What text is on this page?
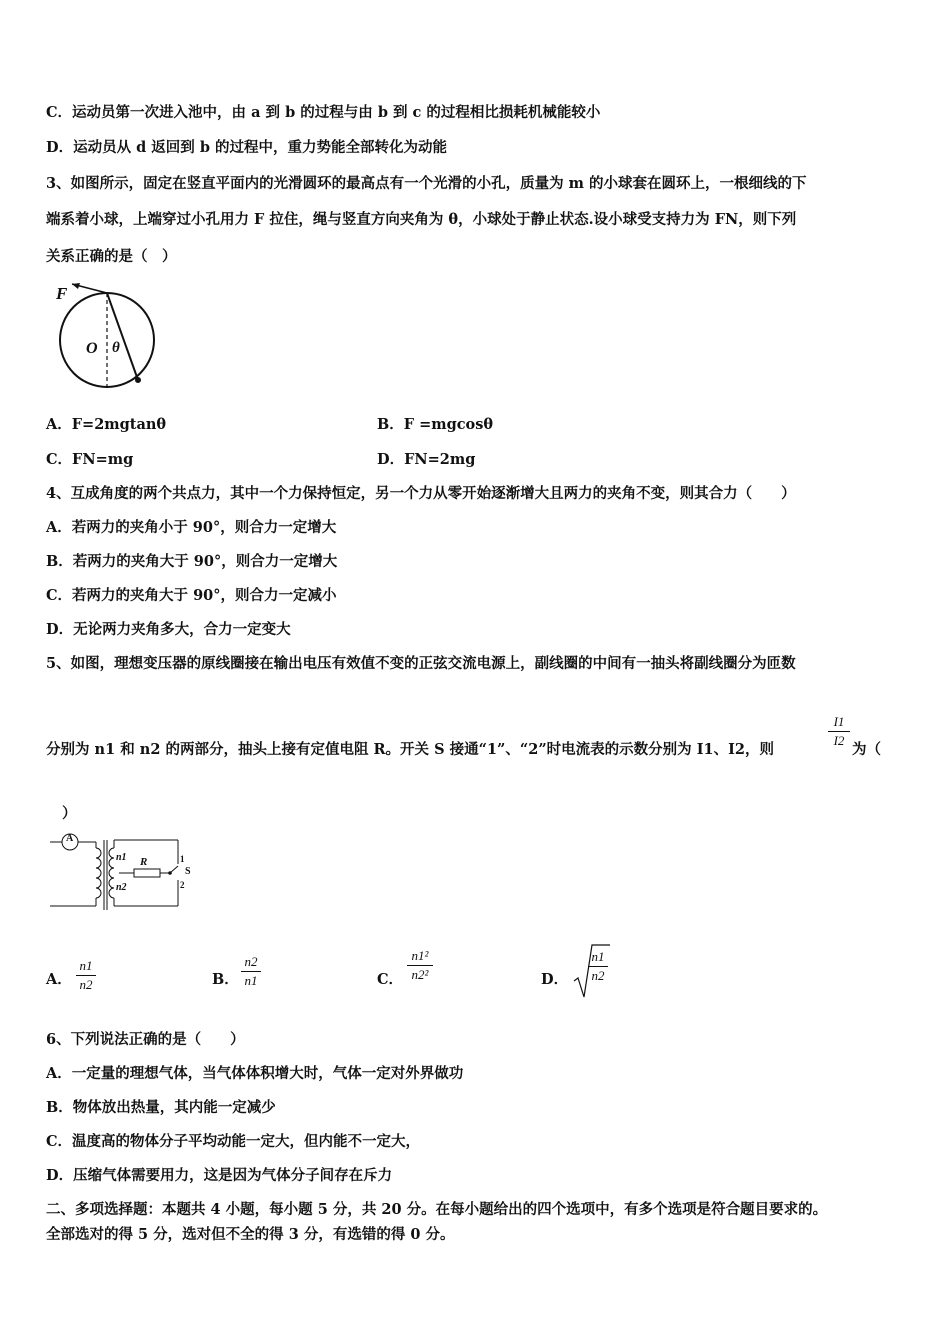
C．运动员第一次进入池中，由 a 到 b 的过程与由 b 到 c 的过程相比损耗机械能较小
D．运动员从 d 返回到 b 的过程中，重力势能全部转化为动能
3、如图所示，固定在竖直平面内的光滑圆环的最高点有一个光滑的小孔，质量为 m 的小球套在圆环上，一根细线的下
端系着小球，上端穿过小孔用力 F 拉住，绳与竖直方向夹角为 θ，小球处于静止状态.设小球受支持力为 FN，则下列
关系正确的是（　）
F
O θ
A．F=2mgtanθ	B．F =mgcosθ
C．FN=mg	D．FN=2mg
4、互成角度的两个共点力，其中一个力保持恒定，另一个力从零开始逐渐增大且两力的夹角不变，则其合力（　　）
A．若两力的夹角小于 90°，则合力一定增大
B．若两力的夹角大于 90°，则合力一定增大
C．若两力的夹角大于 90°，则合力一定减小
D．无论两力夹角多大，合力一定变大
5、如图，理想变压器的原线圈接在输出电压有效值不变的正弦交流电源上，副线圈的中间有一抽头将副线圈分为匝数
分别为 n1 和 n2 的两部分，抽头上接有定值电阻 R。开关 S 接通“1”、“2”时电流表的示数分别为 I1、I2，则
I1
I2
为（
）
A
n1
n2
R
S
1
2
A．
n1
n2	B．
n2
n1	C．
n1²
n2²	D．
n1
n2
6、下列说法正确的是（　　）
A．一定量的理想气体，当气体体积增大时，气体一定对外界做功
B．物体放出热量，其内能一定减少
C．温度高的物体分子平均动能一定大，但内能不一定大，
D．压缩气体需要用力，这是因为气体分子间存在斥力
二、多项选择题：本题共 4 小题，每小题 5 分，共 20 分。在每小题给出的四个选项中，有多个选项是符合题目要求的。
全部选对的得 5 分，选对但不全的得 3 分，有选错的得 0 分。
